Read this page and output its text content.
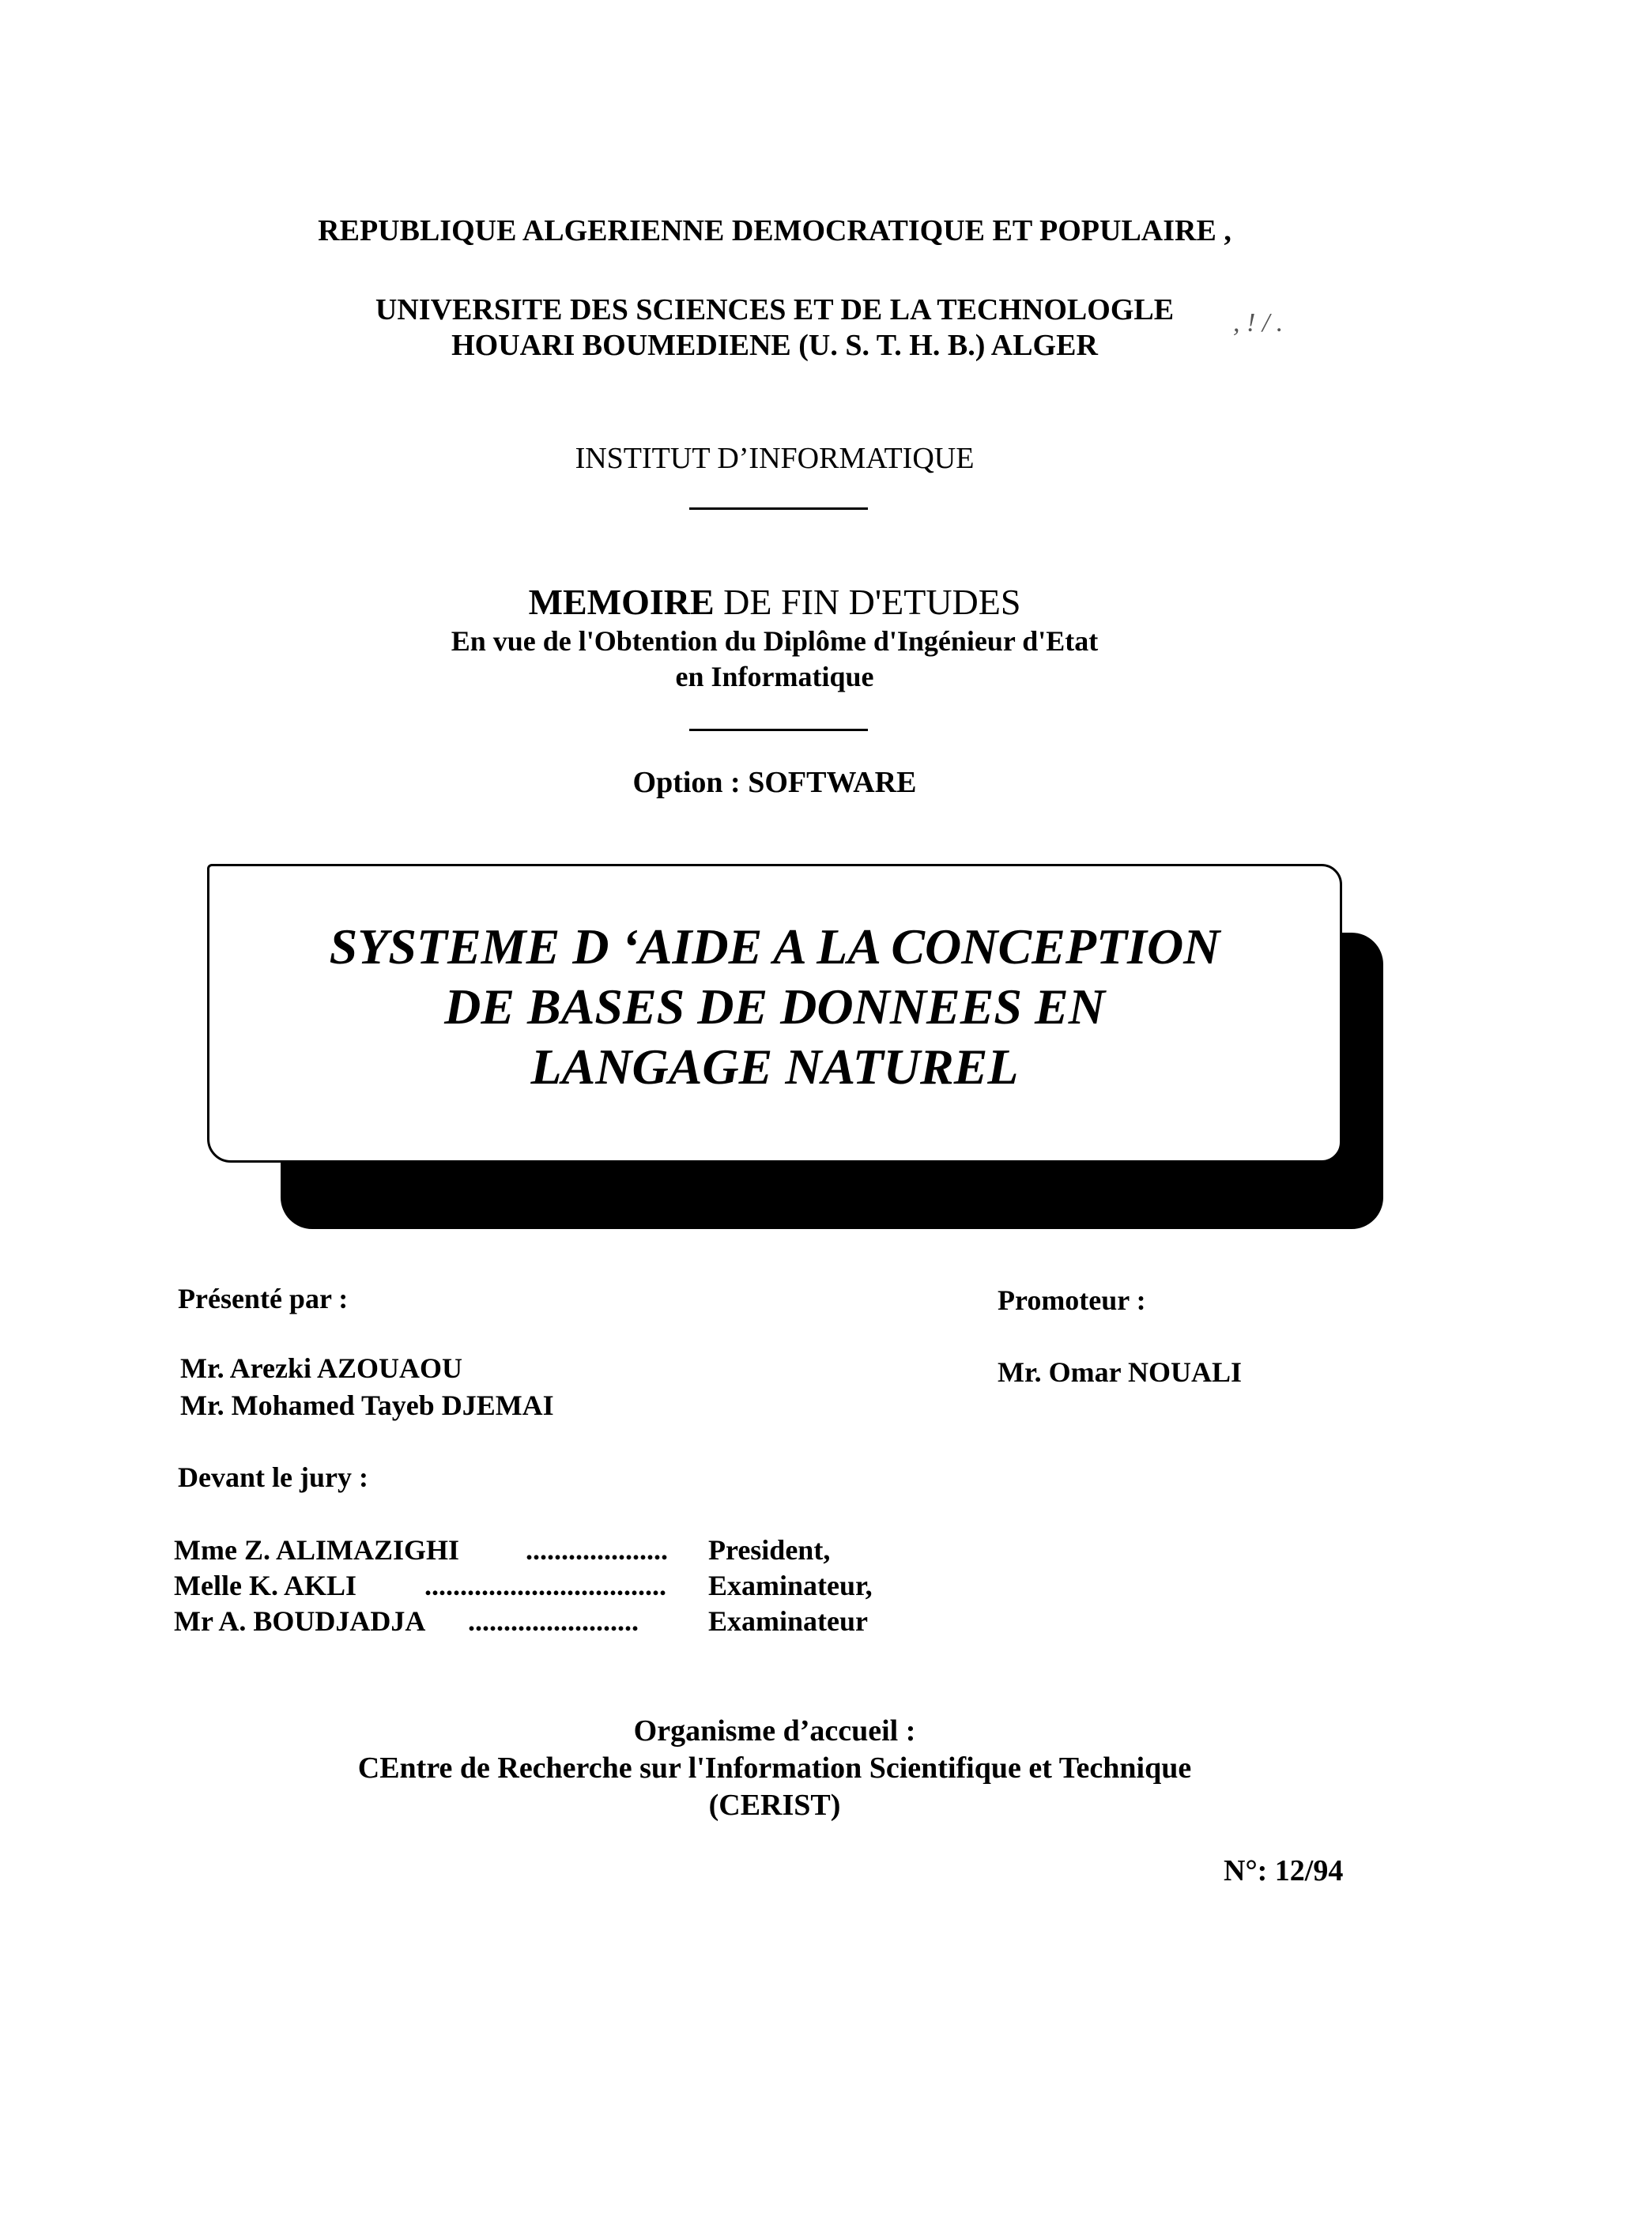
REPUBLIQUE ALGERIENNE DEMOCRATIQUE ET POPULAIRE ,
UNIVERSITE DES SCIENCES ET DE LA TECHNOLOGLE
HOUARI BOUMEDIENE (U. S. T. H. B.) ALGER
, ! / .
INSTITUT D’INFORMATIQUE
MEMOIRE DE FIN D'ETUDES
En vue de l'Obtention du Diplôme d'Ingénieur d'Etat
en Informatique
Option : SOFTWARE
SYSTEME D ‘AIDE A LA CONCEPTION
DE BASES DE DONNEES EN
LANGAGE NATUREL
Présenté par :	Promoteur :
Mr. Arezki AZOUAOU
Mr. Mohamed Tayeb DJEMAI
Mr. Omar NOUALI
Devant le jury :
Mme Z. ALIMAZIGHI .................... President,
Melle K. AKLI .................................. Examinateur,
Mr A. BOUDJADJA ........................ Examinateur
Organisme d’accueil :
CEntre de Recherche sur l'Information Scientifique et Technique
(CERIST)
N°: 12/94
